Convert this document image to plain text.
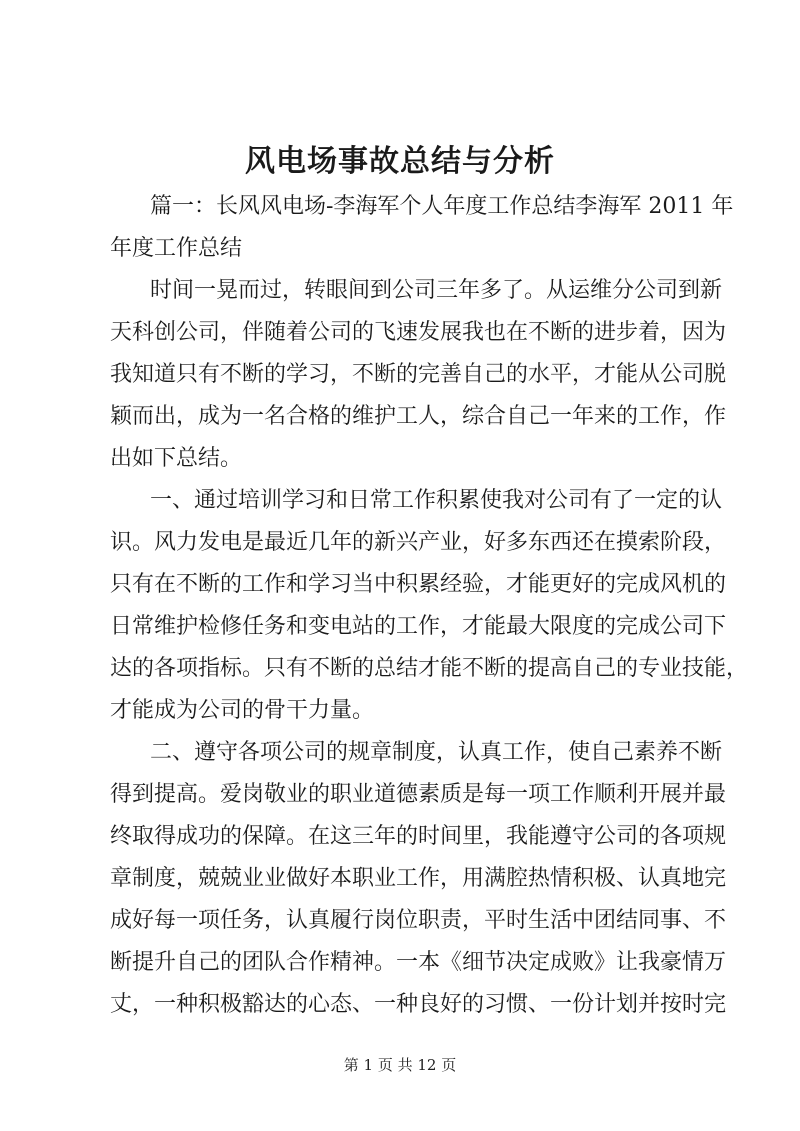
风电场事故总结与分析

篇一：长风风电场-李海军个人年度工作总结李海军 2011 年

年度工作总结

时间一晃而过，转眼间到公司三年多了。从运维分公司到新

天科创公司，伴随着公司的飞速发展我也在不断的进步着，因为

我知道只有不断的学习，不断的完善自己的水平，才能从公司脱

颖而出，成为一名合格的维护工人，综合自己一年来的工作，作

出如下总结。

一、通过培训学习和日常工作积累使我对公司有了一定的认

识。风力发电是最近几年的新兴产业，好多东西还在摸索阶段，

只有在不断的工作和学习当中积累经验，才能更好的完成风机的

日常维护检修任务和变电站的工作，才能最大限度的完成公司下

达的各项指标。只有不断的总结才能不断的提高自己的专业技能，

才能成为公司的骨干力量。

二、遵守各项公司的规章制度，认真工作，使自己素养不断

得到提高。爱岗敬业的职业道德素质是每一项工作顺利开展并最

终取得成功的保障。在这三年的时间里，我能遵守公司的各项规

章制度，兢兢业业做好本职业工作，用满腔热情积极、认真地完

成好每一项任务，认真履行岗位职责，平时生活中团结同事、不

断提升自己的团队合作精神。一本《细节决定成败》让我豪情万

丈，一种积极豁达的心态、一种良好的习惯、一份计划并按时完

第 1 页 共 12 页
